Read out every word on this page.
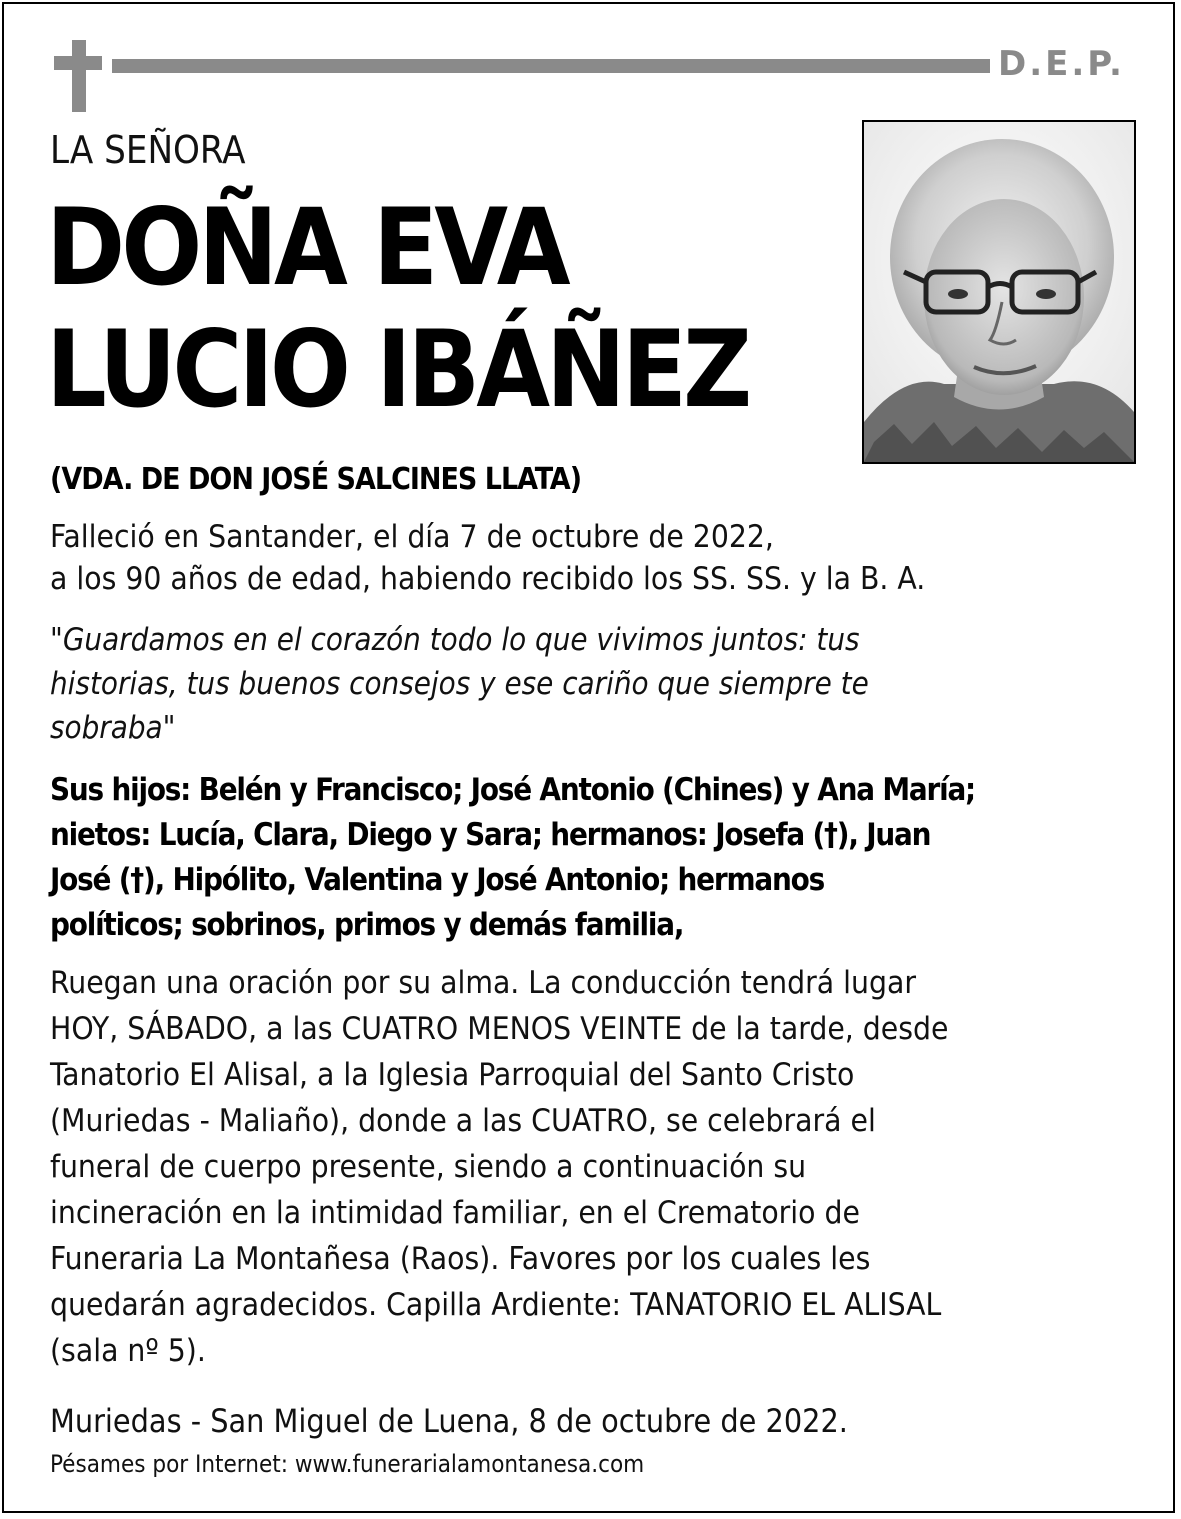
D.E.P.
LA SEÑORA
DOÑA EVA
LUCIO IBÁÑEZ
(VDA. DE DON JOSÉ SALCINES LLATA)
Falleció en Santander, el día 7 de octubre de 2022,
a los 90 años de edad, habiendo recibido los SS. SS. y la B. A.
"Guardamos en el corazón todo lo que vivimos juntos: tus
historias, tus buenos consejos y ese cariño que siempre te
sobraba"
Sus hijos: Belén y Francisco; José Antonio (Chines) y Ana María;
nietos: Lucía, Clara, Diego y Sara; hermanos: Josefa (†), Juan
José (†), Hipólito, Valentina y José Antonio; hermanos
políticos; sobrinos, primos y demás familia,
Ruegan una oración por su alma. La conducción tendrá lugar
HOY, SÁBADO, a las CUATRO MENOS VEINTE de la tarde, desde
Tanatorio El Alisal, a la Iglesia Parroquial del Santo Cristo
(Muriedas - Maliaño), donde a las CUATRO, se celebrará el
funeral de cuerpo presente, siendo a continuación su
incineración en la intimidad familiar, en el Crematorio de
Funeraria La Montañesa (Raos). Favores por los cuales les
quedarán agradecidos. Capilla Ardiente: TANATORIO EL ALISAL
(sala nº 5).
Muriedas - San Miguel de Luena, 8 de octubre de 2022.
Pésames por Internet: www.funerarialamontanesa.com
